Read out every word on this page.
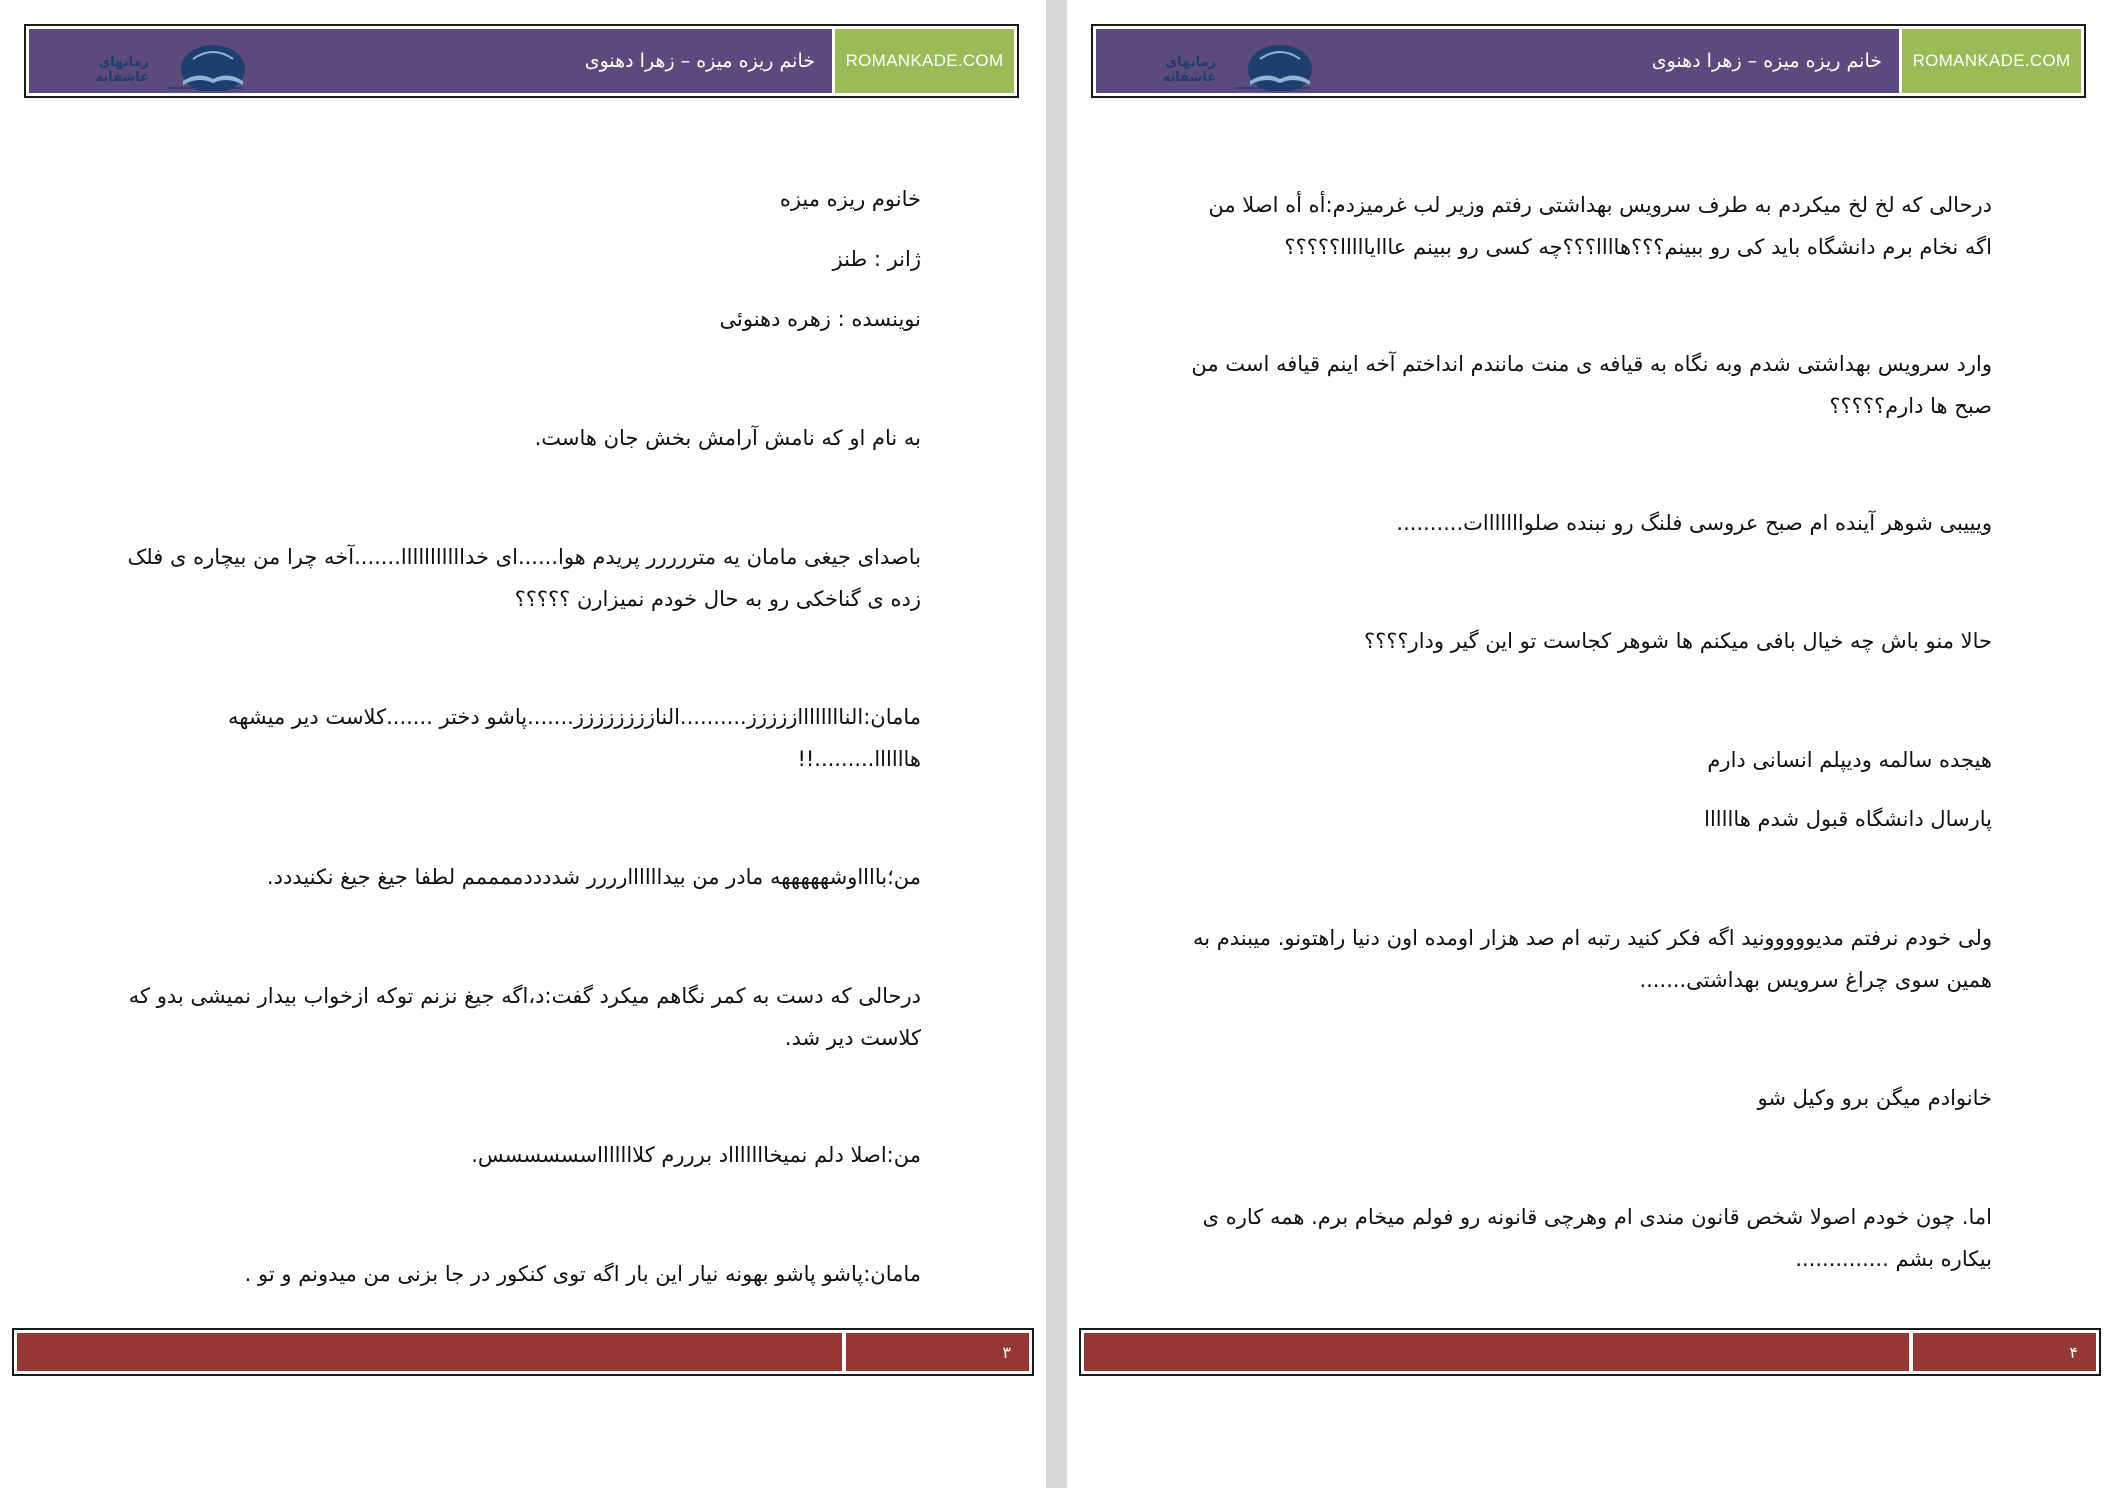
رمانهای عاشقانه
خانم ریزه میزه – زهرا دهنوی	ROMANKADE.COM
خانوم ریزه میزه
ژانر : طنز
نوینسده : زهره دهنوئی
به نام او که نامش آرامش بخش جان هاست.
باصدای جیغی مامان یه متررررر پریدم هوا......ای خدااااااااااا.......آخه چرا من بیچاره ی فلک زده ی گناخکی رو به حال خودم نمیزارن ؟؟؟؟؟
مامان:النااااااااززززز..........النازززززززز.......پاشو دختر .......کلاست دیر میشهه هاااااا.........!!
من؛بااااوشهههههه مادر من بیداااااارررر شددددممممم لطفا جیغ جیغ نکنیددد.
درحالی که دست به کمر نگاهم میکرد گفت:د،اگه جیغ نزنم توکه ازخواب بیدار نمیشی بدو که کلاست دیر شد.
من:اصلا دلم نمیخاااااااد برررم کلاااااااسسسسسس.
مامان:پاشو پاشو بهونه نیار این بار اگه توی کنکور در جا بزنی من میدونم و تو .
۳
رمانهای عاشقانه
خانم ریزه میزه – زهرا دهنوی	ROMANKADE.COM
درحالی که لخ لخ میکردم به طرف سرویس بهداشتی رفتم وزیر لب غرمیزدم:أه أه اصلا من اگه نخام برم دانشگاه باید کی رو ببینم؟؟؟هاااا؟؟؟چه کسی رو ببینم عااایااااا؟؟؟؟؟
وارد سرویس بهداشتی شدم وبه نگاه به قیافه ی منت مانندم انداختم آخه اینم قیافه است من صبح ها دارم؟؟؟؟؟
ویییبی شوهر آینده ام صبح عروسی فلنگ رو نبنده صلوااااااات..........
حالا منو باش چه خیال بافی میکنم ها شوهر کجاست تو این گیر ودار؟؟؟؟
هیجده سالمه ودیپلم انسانی دارم
پارسال دانشگاه قبول شدم هاااااا
ولی خودم نرفتم مدیووووونید اگه فکر کنید رتبه ام صد هزار اومده اون دنیا راهتونو. میبندم به همین سوی چراغ سرویس بهداشتی.......
خانوادم میگن برو وکیل شو
اما. چون خودم اصولا شخص قانون مندی ام وهرچی قانونه رو فولم میخام برم. همه کاره ی بیکاره بشم ..............
۴
